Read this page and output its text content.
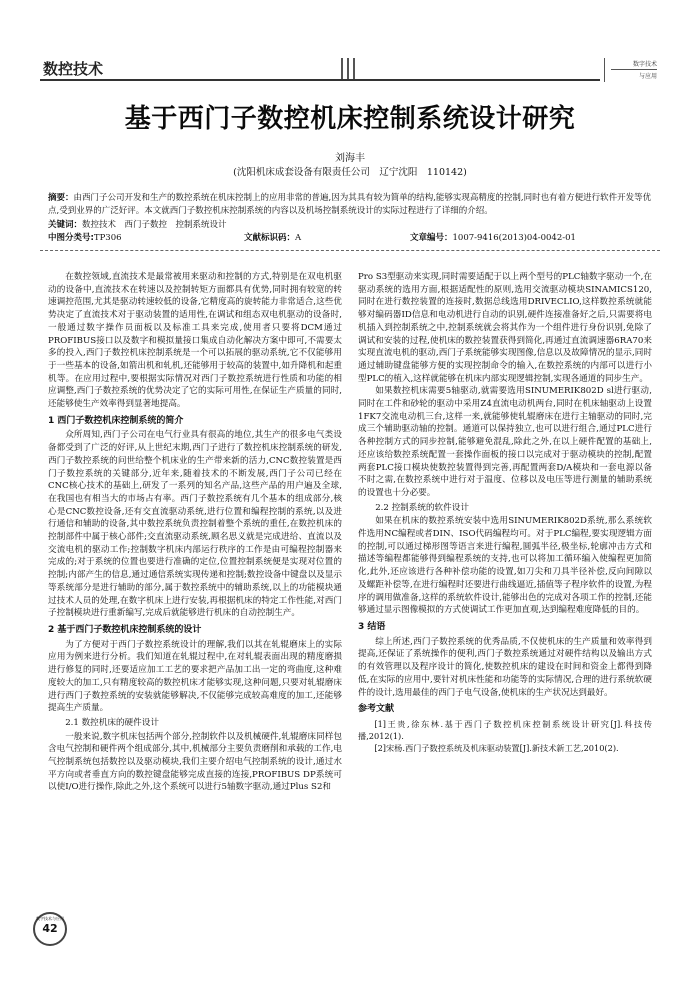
数控技术	数字技术
与应用
基于西门子数控机床控制系统设计研究
刘海丰
(沈阳机床成套设备有限责任公司　辽宁沈阳　110142)
摘要：由西门子公司开发和生产的数控系统在机床控制上的应用非常的普遍,因为其具有较为简单的结构,能够实现高精度的控制,同时也有着方便进行软件开发等优点,受到业界的广泛好评。本文就西门子数控机床控制系统的内容以及机场控制系统设计的实际过程进行了详细的介绍。
关键词：数控技术　西门子数控　控制系统设计
中图分类号:TP306	文献标识码：A	文章编号：1007-9416(2013)04-0042-01

在数控领域,直流技术是最常被用来驱动和控制的方式,特别是在双电机驱动的设备中,直流技术在转速以及控制转矩方面都具有优势,同时拥有较宽的转速调控范围,尤其是驱动转速较低的设备,它精度高的旋转能力非常适合,这些优势决定了直流技术对于驱动装置的适用性,在调试和组态双电机驱动的设备时,一般通过数字操作员面板以及标准工具来完成,使用者只要将DCM通过PROFIBUS接口以及数字和模拟量接口集成自动化解决方案中即可,不需要太多的投入,西门子数控机床控制系统是一个可以拓展的驱动系统,它不仅能够用于一些基本的设备,如箭出机和轧机,还能够用于较高的装置中,如升降机和起重机等。在应用过程中,要根据实际情况对西门子数控系统进行性质和功能的相应调整,西门子数控系统的优势决定了它的实际可用性,在保证生产质量的同时,还能够使生产效率得到显著地提高。

1 西门子数控机床控制系统的简介

众所周知,西门子公司在电气行业具有很高的地位,其生产的很多电气类设备都受到了广泛的好评,从上世纪末期,西门子进行了数控机床控制系统的研发,西门子数控系统的问世给整个机床业的生产带来新的活力,CNC数控装置是西门子数控系统的关键部分,近年来,随着技术的不断发展,西门子公司已经在CNC核心技术的基础上,研发了一系列的知名产品,这些产品的用户遍及全球,在我国也有相当大的市场占有率。西门子数控系统有几个基本的组成部分,核心是CNC数控设备,还有交直流驱动系统,进行位置和编程控制的系统,以及进行通信和辅助的设备,其中数控系统负责控制着整个系统的重任,在数控机床的控制部件中属于核心部件;交直流驱动系统,顾名思义就是完成进给、直流以及交流电机的驱动工作;控制数字机床内部运行秩序的工作是由可编程控制器来完成的;对于系统的位置也要进行准确的定位,位置控制系统便是实现对位置的控制;内部产生的信息,通过通信系统实现传递和控制;数控设备中键盘以及显示等系统部分是进行辅助的部分,属于数控系统中的辅助系统,以上的功能模块通过技术人员的处理,在数字机床上进行安装,再根据机床的特定工作性能,对西门子控制模块进行重新编写,完成后就能够进行机床的自动控制生产。

2 基于西门子数控机床控制系统的设计

为了方便对于西门子数控系统设计的理解,我们以其在轧辊磨床上的实际应用为例来进行分析。我们知道在轧辊过程中,在对轧辊表面出现的精度磨损进行修复的同时,还要适应加工工艺的要求把产品加工出一定的弯曲度,这种难度较大的加工,只有精度较高的数控机床才能够实现,这种问题,只要对轧辊磨床进行西门子数控系统的安装就能够解决,不仅能够完成较高难度的加工,还能够提高生产质量。

2.1 数控机床的硬件设计

一般来说,数字机床包括两个部分,控制软件以及机械硬件,轧辊磨床同样包含电气控制和硬件两个组成部分,其中,机械部分主要负责磨削和承载的工作,电气控制系统包括数控以及驱动模块,我们主要介绍电气控制系统的设计,通过水平方向或者垂直方向的数控键盘能够完成直接的连接,PROFIBUS DP系统可以使I/O进行操作,除此之外,这个系统可以进行5轴数字驱动,通过Plus S2和

Pro S3型驱动来实现,同时需要适配于以上两个型号的PLC轴数字驱动一个,在驱动系统的选用方面,根据适配性的原则,选用交流驱动模块SINAMICS120,同时在进行数控装置的连接时,数据总线选用DRIVECLIO,这样数控系统就能够对编码器ID信息和电动机进行自动的识别,硬件连接准备好之后,只需要将电机插入到控制系统之中,控制系统就会将其作为一个组件进行身份识别,免除了调试和安装的过程,使机床的数控装置获得到简化,再通过直流调速器6RA70来实现直流电机的驱动,西门子系统能够实现图像,信息以及故障情况的显示,同时通过辅助键盘能够方便的实现控制命令的输入,在数控系统的内部可以进行小型PLC的植入,这样就能够在机床内部实现逻辑控制,实现各通道的同步生产。

如果数控机床需要5轴驱动,就需要选用SINUMERIK802D sl进行驱动,同时在工件和砂轮的驱动中采用Z4直流电动机两台,同时在机床轴驱动上设置1FK7交流电动机三台,这样一来,就能够使轧辊磨床在进行主轴驱动的同时,完成三个辅助驱动轴的控制。通道可以保持独立,也可以进行组合,通过PLC进行各种控制方式的同步控制,能够避免混乱,除此之外,在以上硬件配置的基础上,还应该给数控系统配置一套操作面板的接口以完成对于驱动模块的控制,配置两套PLC接口模块使数控装置得到完善,再配置两套D/A模块和一套电源以备不时之需,在数控系统中进行对于温度、位移以及电压等进行测量的辅助系统的设置也十分必要。

2.2 控制系统的软件设计

如果在机床的数控系统安装中选用SINUMERIK802D系统,那么系统软件选用NC编程或者DIN、ISO代码编程均可。对于PLC编程,要实现逻辑方面的控制,可以通过梯形图等语言来进行编程,圆弧半径,极坐标,轮廓冲击方式和描述等编程都能够得到编程系统的支持,也可以将加工循环编入使编程更加简化,此外,还应该进行各种补偿功能的设置,如刀尖和刀具半径补偿,反向间隙以及螺距补偿等,在进行编程时还要进行曲线逼近,插值等子程序软件的设置,为程序的调用做准备,这样的系统软件设计,能够出色的完成对各项工作的控制,还能够通过显示图像模拟的方式使调试工作更加直观,达到编程难度降低的目的。

3 结语

综上所述,西门子数控系统的优秀品质,不仅使机床的生产质量和效率得到提高,还保证了系统操作的便利,西门子数控系统通过对硬件结构以及输出方式的有效管理以及程序设计的简化,使数控机床的建设在时间和资金上都得到降低,在实际的应用中,要针对机床性能和功能等的实际情况,合理的进行系统软硬件的设计,选用最佳的西门子电气设备,使机床的生产状况达到最好。

参考文献

[1]王贵,徐东林.基于西门子数控机床控制系统设计研究[J].科技传播,2012(1).

[2]宋杨.西门子数控系统及机床驱动装置[J].新技术新工艺,2010(2).

数字技术与应用
42
